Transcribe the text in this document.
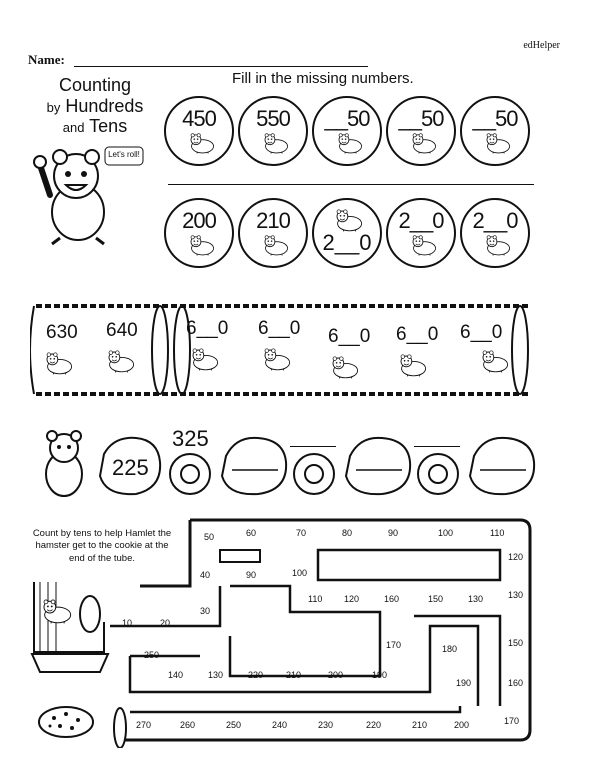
edHelper
Name:
Counting
by Hundreds
and Tens
Let's roll!
Fill in the missing numbers.
450	550	__50	__50	__50
200	210
2__0
2__0	2__0
630 640	6__0 6__0 6__0 6__0 6__0
225
325
Count by tens to help Hamlet the hamster get to the cookie at the end of the tube.
10	20
30
40
50	60	70	80	90
90
100
100
110
110
120
120	130
130
140	130
250
150
150
160
160
170
170
180
190
190
200
200
210
210
220
220
230
240
250
260
270
